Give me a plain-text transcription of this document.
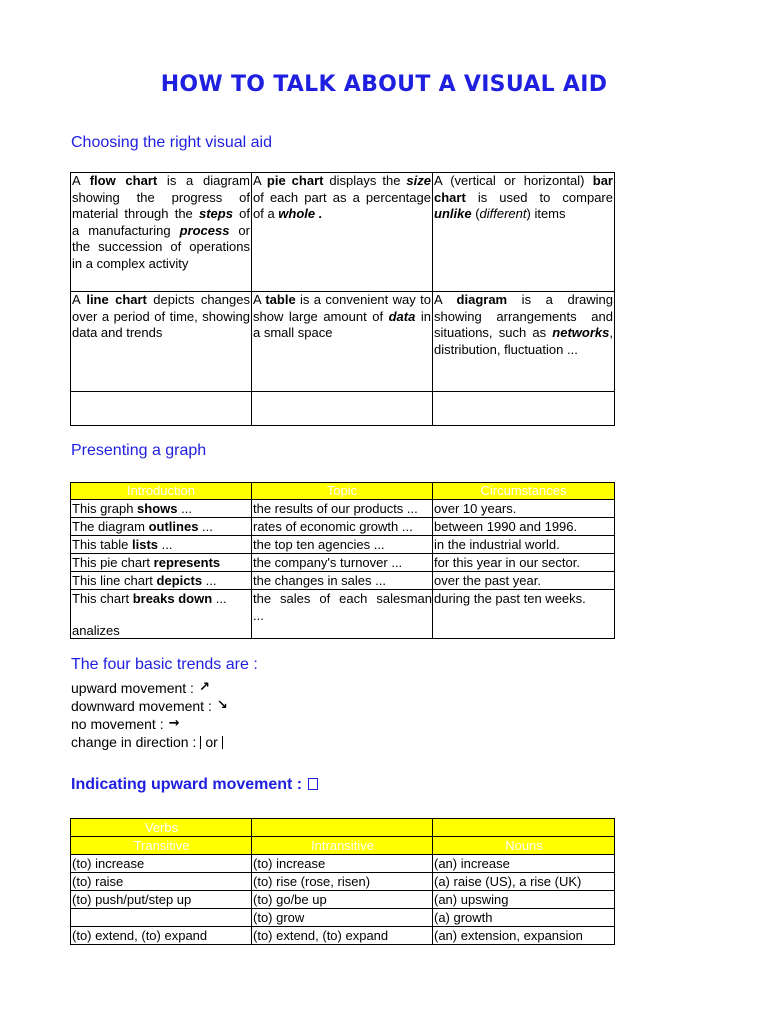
HOW TO TALK ABOUT A VISUAL AID
Choosing the right visual aid
A flow chart is a diagram showing the progress of material through the steps of a manufacturing process or the succession of operations in a complex activity	A pie chart displays the size of each part as a percentage of a whole .	A (vertical or horizontal) bar chart is used to compare unlike (different) items
A line chart depicts changes over a period of time, showing data and trends	A table is a convenient way to show large amount of data in a small space	A diagram is a drawing showing arrangements and situations, such as networks, distribution, fluctuation ...

Presenting a graph
Introduction	Topic	Circumstances
This graph shows ...	the results of our products ...	over 10 years.
The diagram outlines ...	rates of economic growth ...	between 1990 and 1996.
This table lists ...	the top ten agencies ...	in the industrial world.
This pie chart represents	the company's turnover ...	for this year in our sector.
This line chart depicts ...	the changes in sales ...	over the past year.
This chart breaks down ...
analizes	the sales of each salesman ...	during the past ten weeks.
The four basic trends are :
upward movement : ↗
downward movement : ↘
no movement : →
change in direction : or
Indicating upward movement :
Verbs		
Transitive	Intransitive	Nouns
(to) increase	(to) increase	(an) increase
(to) raise	(to) rise (rose, risen)	(a) raise (US), a rise (UK)
(to) push/put/step up	(to) go/be up	(an) upswing
	(to) grow	(a) growth
(to) extend, (to) expand	(to) extend, (to) expand	(an) extension, expansion
